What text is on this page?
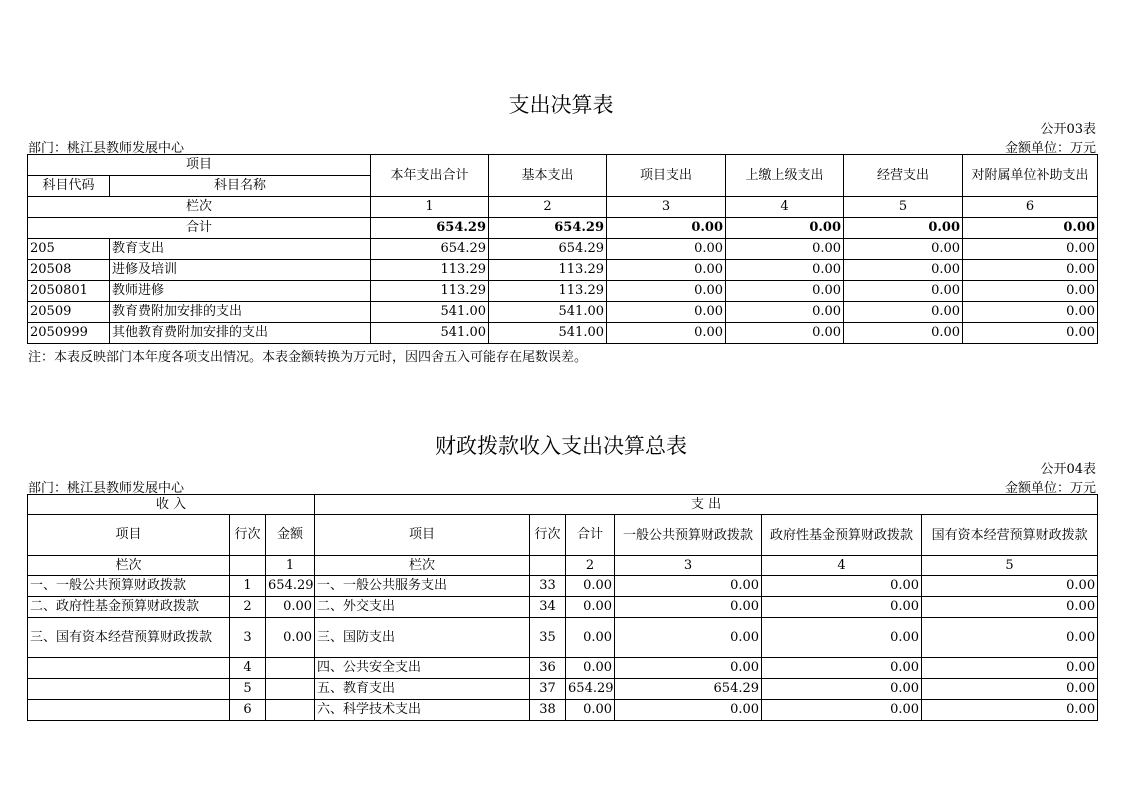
支出决算表
公开03表
部门：桃江县教师发展中心	金额单位：万元
项目		本年支出合计	基本支出	项目支出	上缴上级支出	经营支出	对附属单位补助支出
科目代码	科目名称						
栏次		1	2	3	4	5	6
合计		654.29	654.29	0.00	0.00	0.00	0.00
205	教育支出	654.29	654.29	0.00	0.00	0.00	0.00
20508	进修及培训	113.29	113.29	0.00	0.00	0.00	0.00
2050801	教师进修	113.29	113.29	0.00	0.00	0.00	0.00
20509	教育费附加安排的支出	541.00	541.00	0.00	0.00	0.00	0.00
2050999	其他教育费附加安排的支出	541.00	541.00	0.00	0.00	0.00	0.00
注：本表反映部门本年度各项支出情况。本表金额转换为万元时，因四舍五入可能存在尾数误差。
财政拨款收入支出决算总表
公开04表
部门：桃江县教师发展中心	金额单位：万元
收 入			支 出					
项目	行次	金额	项目	行次	合计	一般公共预算财政拨款	政府性基金预算财政拨款	国有资本经营预算财政拨款
栏次		1	栏次		2	3	4	5
一、一般公共预算财政拨款	1	654.29	一、一般公共服务支出	33	0.00	0.00	0.00	0.00
二、政府性基金预算财政拨款	2	0.00	二、外交支出	34	0.00	0.00	0.00	0.00
三、国有资本经营预算财政拨款	3	0.00	三、国防支出	35	0.00	0.00	0.00	0.00
	4		四、公共安全支出	36	0.00	0.00	0.00	0.00
	5		五、教育支出	37	654.29	654.29	0.00	0.00
	6		六、科学技术支出	38	0.00	0.00	0.00	0.00
